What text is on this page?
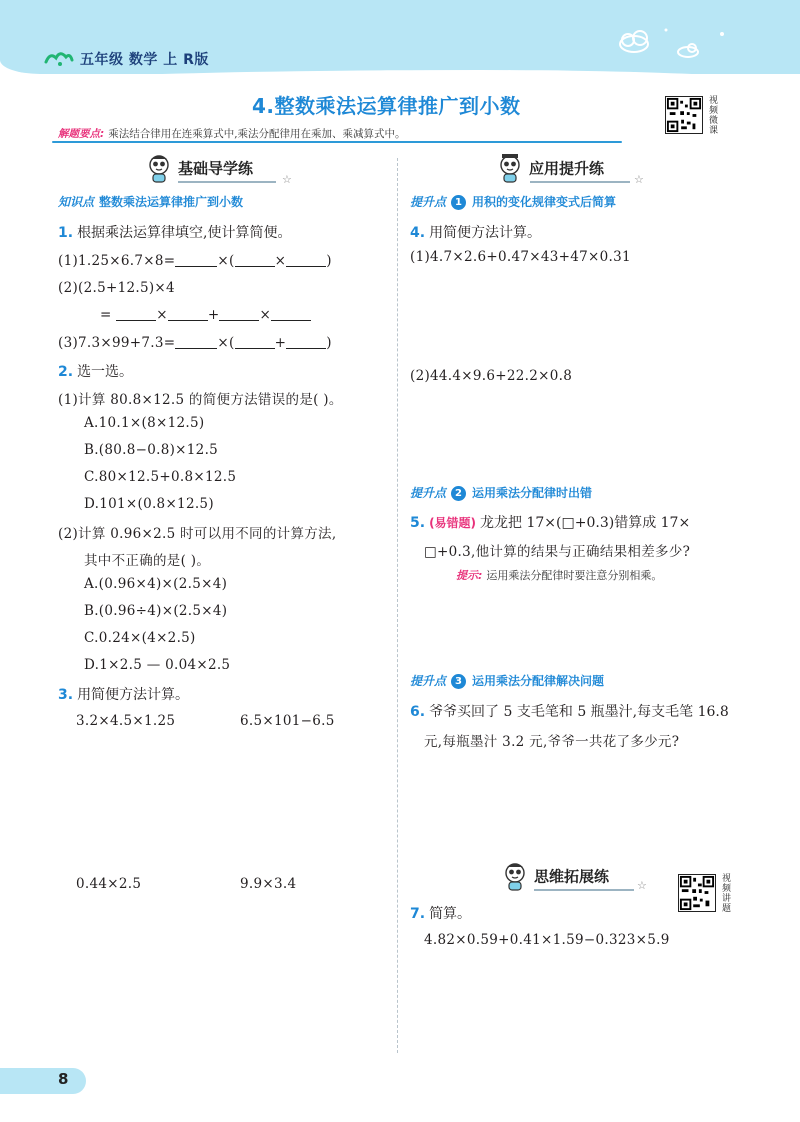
五年级 数学 上 R版
4.整数乘法运算律推广到小数	视频微课
解题要点: 乘法结合律用在连乘算式中,乘法分配律用在乘加、乘减算式中。
基础导学练
☆
知识点 整数乘法运算律推广到小数
1. 根据乘法运算律填空,使计算简便。
(1)1.25×6.7×8=	×(	×	)
(2)(2.5+12.5)×4
=	×	+	×
(3)7.3×99+7.3=	×(	+	)
2. 选一选。
(1)计算 80.8×12.5 的简便方法错误的是( )。
A.10.1×(8×12.5)
B.(80.8−0.8)×12.5
C.80×12.5+0.8×12.5
D.101×(0.8×12.5)
(2)计算 0.96×2.5 时可以用不同的计算方法,
其中不正确的是( )。
A.(0.96×4)×(2.5×4)
B.(0.96÷4)×(2.5×4)
C.0.24×(4×2.5)
D.1×2.5 — 0.04×2.5
3. 用简便方法计算。
3.2×4.5×1.25	6.5×101−6.5
0.44×2.5	9.9×3.4
应用提升练
☆
提升点 1 用积的变化规律变式后简算
4. 用简便方法计算。
(1)4.7×2.6+0.47×43+47×0.31
(2)44.4×9.6+22.2×0.8
提升点 2 运用乘法分配律时出错
5. (易错题) 龙龙把 17×(□+0.3)错算成 17×
□+0.3,他计算的结果与正确结果相差多少?
提示: 运用乘法分配律时要注意分别相乘。
提升点 3 运用乘法分配律解决问题
6. 爷爷买回了 5 支毛笔和 5 瓶墨汁,每支毛笔 16.8
元,每瓶墨汁 3.2 元,爷爷一共花了多少元?
思维拓展练	☆	视频讲题
7. 简算。
4.82×0.59+0.41×1.59−0.323×5.9
8
